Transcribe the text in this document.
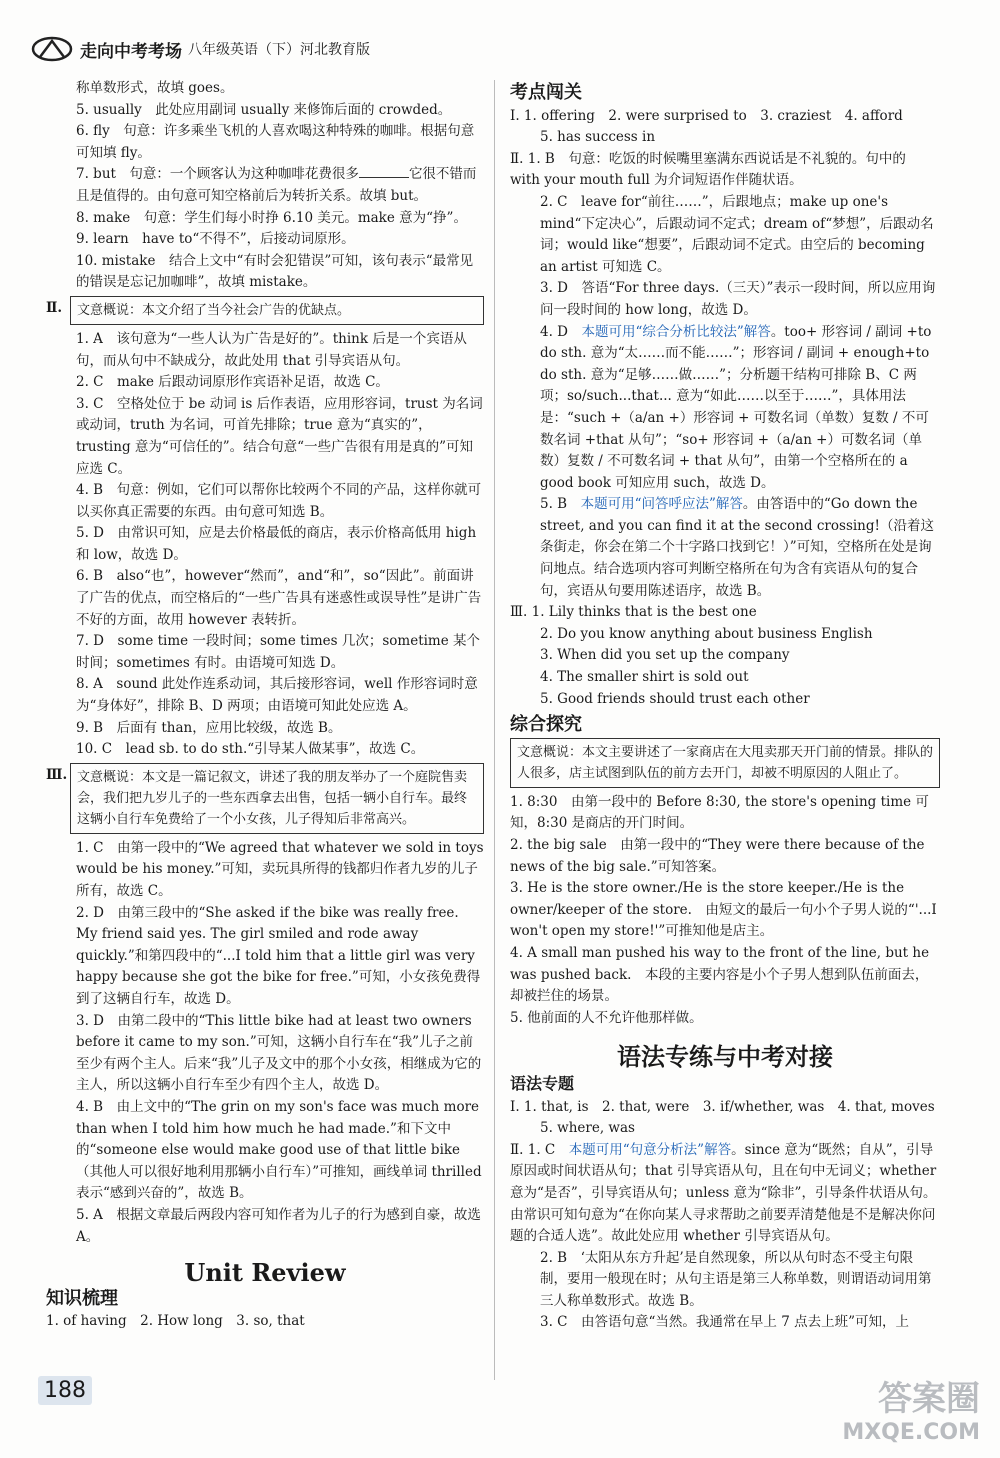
走向中考考场 八年级英语（下）河北教育版

称单数形式，故填 goes。

5. usually　此处应用副词 usually 来修饰后面的 crowded。

6. fly　句意：许多乘坐飞机的人喜欢喝这种特殊的咖啡。根据句意可知填 fly。

7. but　句意：一个顾客认为这种咖啡花费很多	它很不错而且是值得的。由句意可知空格前后为转折关系。故填 but。

8. make　句意：学生们每小时挣 6.10 美元。make 意为“挣”。

9. learn　have to“不得不”，后接动词原形。

10. mistake　结合上文中“有时会犯错误”可知，该句表示“最常见的错误是忘记加咖啡”，故填 mistake。

Ⅱ.	文意概说：本文介绍了当今社会广告的优缺点。

1. A　该句意为“一些人认为广告是好的”。think 后是一个宾语从句，而从句中不缺成分，故此处用 that 引导宾语从句。

2. C　make 后跟动词原形作宾语补足语，故选 C。

3. C　空格处位于 be 动词 is 后作表语，应用形容词，trust 为名词或动词，truth 为名词，可首先排除；true 意为“真实的”，trusting 意为“可信任的”。结合句意“一些广告很有用是真的”可知应选 C。

4. B　句意：例如，它们可以帮你比较两个不同的产品，这样你就可以买你真正需要的东西。由句意可知选 B。

5. D　由常识可知，应是去价格最低的商店，表示价格高低用 high 和 low，故选 D。

6. B　also“也”，however“然而”，and“和”，so“因此”。前面讲了广告的优点，而空格后的“一些广告具有迷惑性或误导性”是讲广告不好的方面，故用 however 表转折。

7. D　some time 一段时间；some times 几次；sometime 某个时间；sometimes 有时。由语境可知选 D。

8. A　sound 此处作连系动词，其后接形容词，well 作形容词时意为“身体好”，排除 B、D 两项；由语境可知此处应选 A。

9. B　后面有 than，应用比较级，故选 B。

10. C　lead sb. to do sth.“引导某人做某事”，故选 C。

Ⅲ. 文意概说：本文是一篇记叙文，讲述了我的朋友举办了一个庭院售卖会，我们把九岁儿子的一些东西拿去出售，包括一辆小自行车。最终这辆小自行车免费给了一个小女孩，儿子得知后非常高兴。

1. C　由第一段中的“We agreed that whatever we sold in toys would be his money.”可知，卖玩具所得的钱都归作者九岁的儿子所有，故选 C。

2. D　由第三段中的“She asked if the bike was really free. My friend said yes. The girl smiled and rode away quickly.”和第四段中的“...I told him that a little girl was very happy because she got the bike for free.”可知，小女孩免费得到了这辆自行车，故选 D。

3. D　由第二段中的“This little bike had at least two owners before it came to my son.”可知，这辆小自行车在“我”儿子之前至少有两个主人。后来“我”儿子及文中的那个小女孩，相继成为它的主人，所以这辆小自行车至少有四个主人，故选 D。

4. B　由上文中的“The grin on my son's face was much more than when I told him how much he had made.”和下文中的“someone else would make good use of that little bike（其他人可以很好地利用那辆小自行车）”可推知，画线单词 thrilled 表示“感到兴奋的”，故选 B。

5. A　根据文章最后两段内容可知作者为儿子的行为感到自豪，故选 A。

Unit Review
知识梳理

1. of having　2. How long　3. so, that

考点闯关

Ⅰ. 1. offering　2. were surprised to　3. craziest　4. afford

5. has success in

Ⅱ. 1. B　句意：吃饭的时候嘴里塞满东西说话是不礼貌的。句中的 with your mouth full 为介词短语作伴随状语。

2. C　leave for“前往……”，后跟地点；make up one's mind“下定决心”，后跟动词不定式；dream of“梦想”，后跟动名词；would like“想要”，后跟动词不定式。由空后的 becoming an artist 可知选 C。

3. D　答语“For three days.（三天）”表示一段时间，所以应用询问一段时间的 how long，故选 D。

4. D　本题可用“综合分析比较法”解答。too+ 形容词 / 副词 +to do sth. 意为“太……而不能……”；形容词 / 副词 + enough+to do sth. 意为“足够……做……”；分析题干结构可排除 B、C 两项；so/such...that... 意为“如此……以至于……”，具体用法是：“such +（a/an +）形容词 + 可数名词（单数）复数 / 不可数名词 +that 从句”；“so+ 形容词 +（a/an +）可数名词（单数）复数 / 不可数名词 + that 从句”，由第一个空格所在的 a good book 可知应用 such，故选 D。

5. B　本题可用“问答呼应法”解答。由答语中的“Go down the street, and you can find it at the second crossing!（沿着这条街走，你会在第二个十字路口找到它！）”可知，空格所在处是询问地点。结合选项内容可判断空格所在句为含有宾语从句的复合句，宾语从句要用陈述语序，故选 B。

Ⅲ. 1. Lily thinks that is the best one

2. Do you know anything about business English

3. When did you set up the company

4. The smaller shirt is sold out

5. Good friends should trust each other

综合探究
文意概说：本文主要讲述了一家商店在大甩卖那天开门前的情景。排队的人很多，店主试图到队伍的前方去开门，却被不明原因的人阻止了。

1. 8:30　由第一段中的 Before 8:30, the store's opening time 可知，8:30 是商店的开门时间。

2. the big sale　由第一段中的“They were there because of the news of the big sale.”可知答案。

3. He is the store owner./He is the store keeper./He is the owner/keeper of the store.　由短文的最后一句小个子男人说的“'...I won't open my store!'”可推知他是店主。

4. A small man pushed his way to the front of the line, but he was pushed back.　本段的主要内容是小个子男人想到队伍前面去，却被拦住的场景。

5. 他前面的人不允许他那样做。

语法专练与中考对接
语法专题

Ⅰ. 1. that, is　2. that, were　3. if/whether, was　4. that, moves

5. where, was

Ⅱ. 1. C　本题可用“句意分析法”解答。since 意为“既然；自从”，引导原因或时间状语从句；that 引导宾语从句，且在句中无词义；whether 意为“是否”，引导宾语从句；unless 意为“除非”，引导条件状语从句。由常识可知句意为“在你向某人寻求帮助之前要弄清楚他是不是解决你问题的合适人选”。故此处应用 whether 引导宾语从句。

2. B　‘太阳从东方升起’是自然现象，所以从句时态不受主句限制，要用一般现在时；从句主语是第三人称单数，则谓语动词用第三人称单数形式。故选 B。

3. C　由答语句意“当然。我通常在早上 7 点去上班”可知，上

188	答案圈
MXQE.COM
